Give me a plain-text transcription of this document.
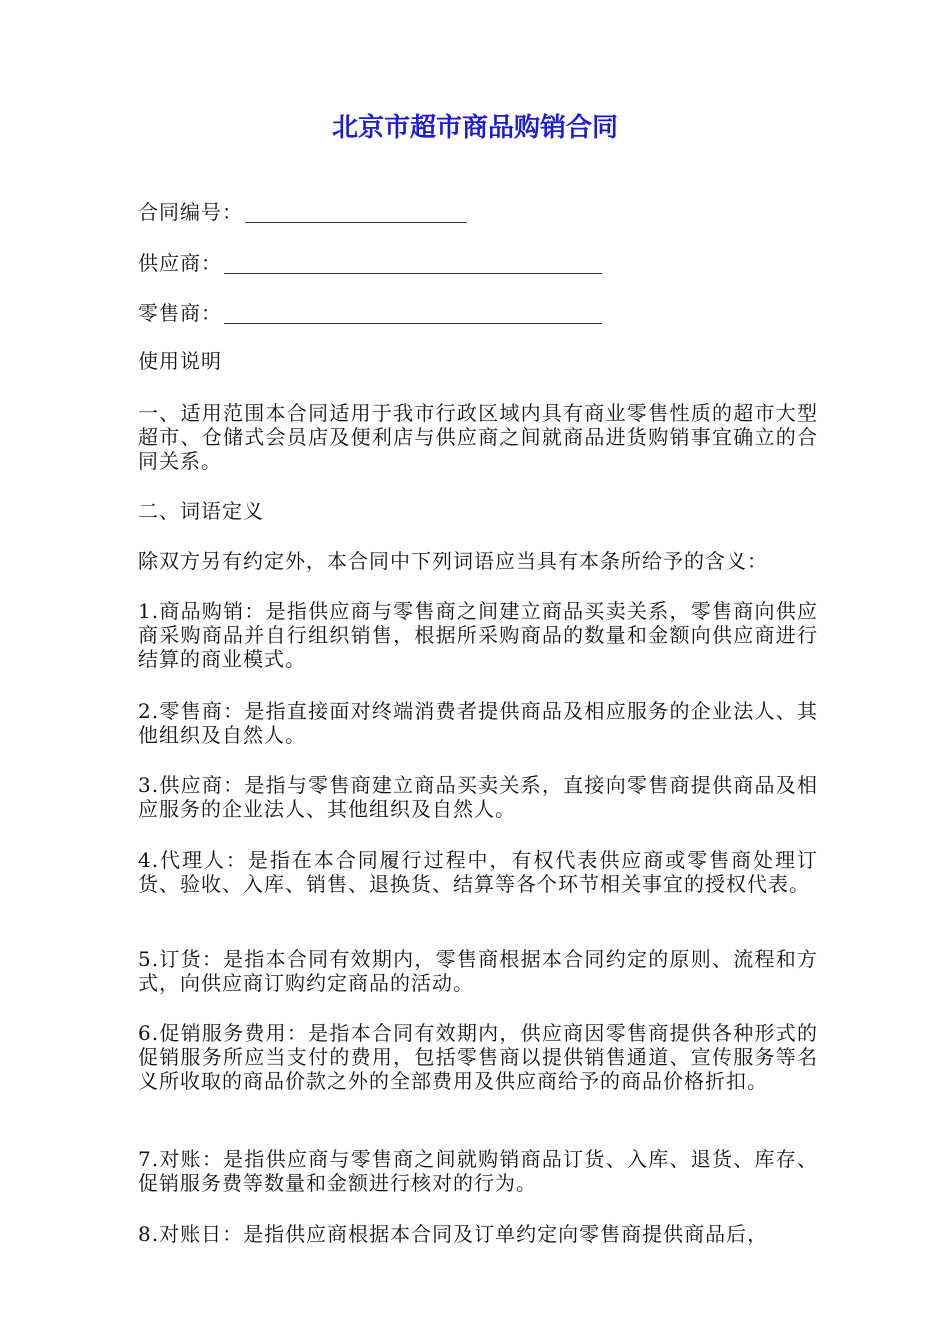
北京市超市商品购销合同
合同编号：
供应商：
零售商：

使用说明

一、适用范围本合同适用于我市行政区域内具有商业零售性质的超市大型超市、仓储式会员店及便利店与供应商之间就商品进货购销事宜确立的合同关系。

二、词语定义

除双方另有约定外，本合同中下列词语应当具有本条所给予的含义：

1.商品购销：是指供应商与零售商之间建立商品买卖关系，零售商向供应商采购商品并自行组织销售，根据所采购商品的数量和金额向供应商进行结算的商业模式。

2.零售商：是指直接面对终端消费者提供商品及相应服务的企业法人、其他组织及自然人。

3.供应商：是指与零售商建立商品买卖关系，直接向零售商提供商品及相应服务的企业法人、其他组织及自然人。

4.代理人：是指在本合同履行过程中，有权代表供应商或零售商处理订货、验收、入库、销售、退换货、结算等各个环节相关事宜的授权代表。

5.订货：是指本合同有效期内，零售商根据本合同约定的原则、流程和方式，向供应商订购约定商品的活动。

6.促销服务费用：是指本合同有效期内，供应商因零售商提供各种形式的促销服务所应当支付的费用，包括零售商以提供销售通道、宣传服务等名义所收取的商品价款之外的全部费用及供应商给予的商品价格折扣。

7.对账：是指供应商与零售商之间就购销商品订货、入库、退货、库存、促销服务费等数量和金额进行核对的行为。

8.对账日：是指供应商根据本合同及订单约定向零售商提供商品后，
